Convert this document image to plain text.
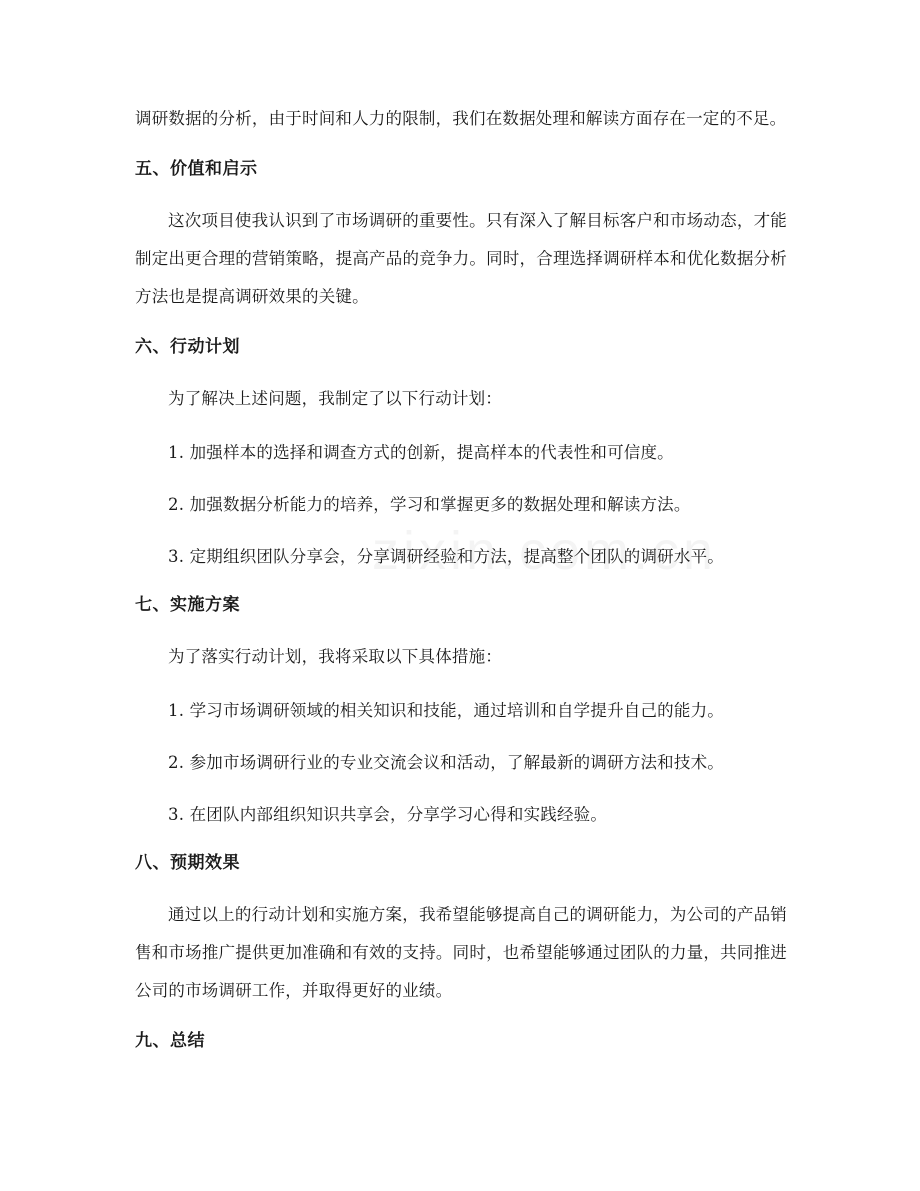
调研数据的分析，由于时间和人力的限制，我们在数据处理和解读方面存在一定的不足。

五、价值和启示

这次项目使我认识到了市场调研的重要性。只有深入了解目标客户和市场动态，才能制定出更合理的营销策略，提高产品的竞争力。同时，合理选择调研样本和优化数据分析方法也是提高调研效果的关键。

六、行动计划

为了解决上述问题，我制定了以下行动计划：

1. 加强样本的选择和调查方式的创新，提高样本的代表性和可信度。

2. 加强数据分析能力的培养，学习和掌握更多的数据处理和解读方法。

3. 定期组织团队分享会，分享调研经验和方法，提高整个团队的调研水平。

七、实施方案

为了落实行动计划，我将采取以下具体措施：

1. 学习市场调研领域的相关知识和技能，通过培训和自学提升自己的能力。

2. 参加市场调研行业的专业交流会议和活动，了解最新的调研方法和技术。

3. 在团队内部组织知识共享会，分享学习心得和实践经验。

八、预期效果

通过以上的行动计划和实施方案，我希望能够提高自己的调研能力，为公司的产品销售和市场推广提供更加准确和有效的支持。同时，也希望能够通过团队的力量，共同推进公司的市场调研工作，并取得更好的业绩。

九、总结
